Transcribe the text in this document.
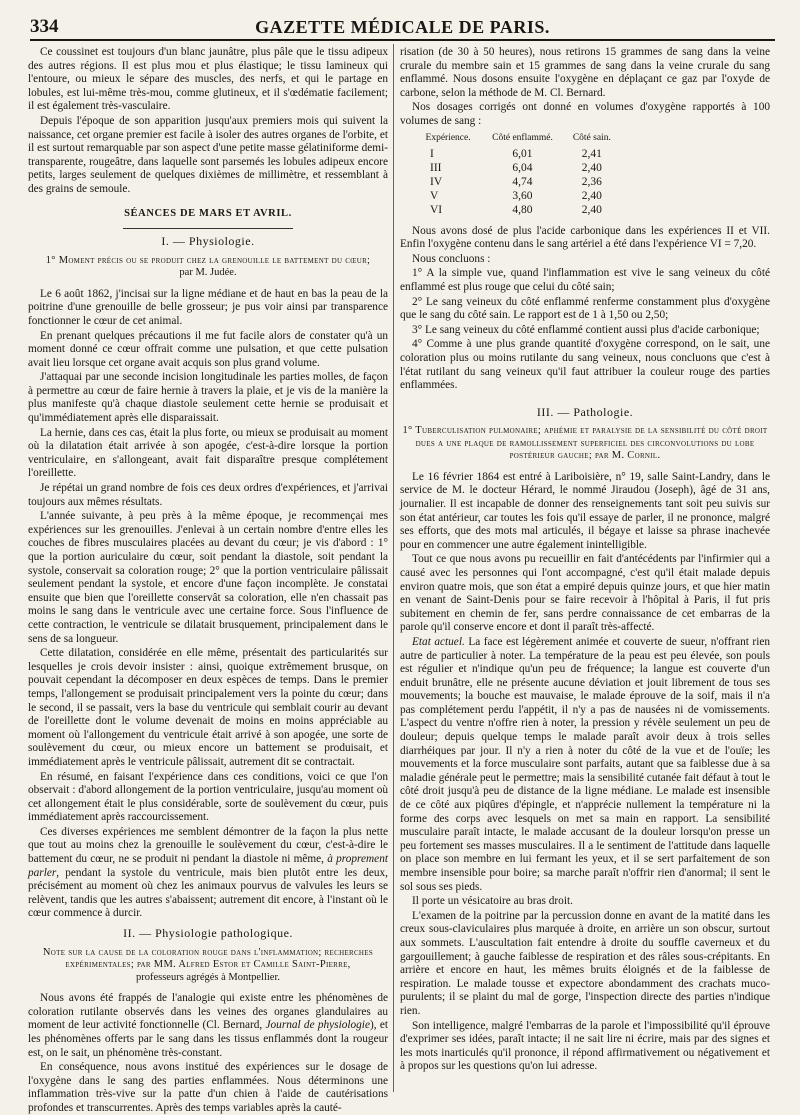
334	GAZETTE MÉDICALE DE PARIS.

Ce coussinet est toujours d'un blanc jaunâtre, plus pâle que le tissu adipeux des autres régions. Il est plus mou et plus élastique; le tissu lamineux qui l'entoure, ou mieux le sépare des muscles, des nerfs, et qui le partage en lobules, est lui-même très-mou, comme glutineux, et il s'œdématie facilement; il est également très-vasculaire.

Depuis l'époque de son apparition jusqu'aux premiers mois qui suivent la naissance, cet organe premier est facile à isoler des autres organes de l'orbite, et il est surtout remarquable par son aspect d'une petite masse gélatiniforme demi-transparente, rougeâtre, dans laquelle sont parsemés les lobules adipeux encore petits, larges seulement de quelques dixièmes de millimètre, et ressemblant à des grains de semoule.

SÉANCES DE MARS ET AVRIL.
I. — Physiologie.
1° Moment précis ou se produit chez la grenouille le battement du cœur;
par M. Judée.

Le 6 août 1862, j'incisai sur la ligne médiane et de haut en bas la peau de la poitrine d'une grenouille de belle grosseur; je pus voir ainsi par transparence fonctionner le cœur de cet animal.

En prenant quelques précautions il me fut facile alors de constater qu'à un moment donné ce cœur offrait comme une pulsation, et que cette pulsation avait lieu lorsque cet organe avait acquis son plus grand volume.

J'attaquai par une seconde incision longitudinale les parties molles, de façon à permettre au cœur de faire hernie à travers la plaie, et je vis de la manière la plus manifeste qu'à chaque diastole seulement cette hernie se produisait et qu'immédiatement après elle disparaissait.

La hernie, dans ces cas, était la plus forte, ou mieux se produisait au moment où la dilatation était arrivée à son apogée, c'est-à-dire lorsque la portion ventriculaire, en s'allongeant, avait fait disparaître presque complétement l'oreillette.

Je répétai un grand nombre de fois ces deux ordres d'expériences, et j'arrivai toujours aux mêmes résultats.

L'année suivante, à peu près à la même époque, je recommençai mes expériences sur les grenouilles. J'enlevai à un certain nombre d'entre elles les couches de fibres musculaires placées au devant du cœur; je vis d'abord : 1° que la portion auriculaire du cœur, soit pendant la diastole, soit pendant la systole, conservait sa coloration rouge; 2° que la portion ventriculaire pâlissait seulement pendant la systole, et encore d'une façon incomplète. Je constatai ensuite que bien que l'oreillette conservât sa coloration, elle n'en chassait pas moins le sang dans le ventricule avec une certaine force. Sous l'influence de cette contraction, le ventricule se dilatait brusquement, principalement dans le sens de sa longueur.

Cette dilatation, considérée en elle même, présentait des particularités sur lesquelles je crois devoir insister : ainsi, quoique extrêmement brusque, on pouvait cependant la décomposer en deux espèces de temps. Dans le premier temps, l'allongement se produisait principalement vers la pointe du cœur; dans le second, il se passait, vers la base du ventricule qui semblait courir au devant de l'oreillette dont le volume devenait de moins en moins appréciable au moment où l'allongement du ventricule était arrivé à son apogée, une sorte de soulèvement du cœur, ou mieux encore un battement se produisait, et immédiatement après le ventricule pâlissait, autrement dit se contractait.

En résumé, en faisant l'expérience dans ces conditions, voici ce que l'on observait : d'abord allongement de la portion ventriculaire, jusqu'au moment où cet allongement était le plus considérable, sorte de soulèvement du cœur, puis immédiatement après raccourcissement.

Ces diverses expériences me semblent démontrer de la façon la plus nette que tout au moins chez la grenouille le soulèvement du cœur, c'est-à-dire le battement du cœur, ne se produit ni pendant la diastole ni même, à proprement parler, pendant la systole du ventricule, mais bien plutôt entre les deux, précisément au moment où chez les animaux pourvus de valvules les leurs se relèvent, tandis que les autres s'abaissent; autrement dit encore, à l'instant où le cœur commence à durcir.

II. — Physiologie pathologique.
Note sur la cause de la coloration rouge dans l'inflammation; recherches expérimentales; par MM. Alfred Estor et Camille Saint-Pierre,
professeurs agrégés à Montpellier.

Nous avons été frappés de l'analogie qui existe entre les phénomènes de coloration rutilante observés dans les veines des organes glandulaires au moment de leur activité fonctionnelle (Cl. Bernard, Journal de physiologie), et les phénomènes offerts par le sang dans les tissus enflammés dont la rougeur est, on le sait, un phénomène très-constant.

En conséquence, nous avons institué des expériences sur le dosage de l'oxygène dans le sang des parties enflammées. Nous déterminons une inflammation très-vive sur la patte d'un chien à l'aide de cautérisations profondes et transcurrentes. Après des temps variables après la cauté-

risation (de 30 à 50 heures), nous retirons 15 grammes de sang dans la veine crurale du membre sain et 15 grammes de sang dans la veine crurale du sang enflammé. Nous dosons ensuite l'oxygène en déplaçant ce gaz par l'oxyde de carbone, selon la méthode de M. Cl. Bernard.

Nos dosages corrigés ont donné en volumes d'oxygène rapportés à 100 volumes de sang :

Expérience.	Côté enflammé.	Côté sain.
I	6,01	2,41
III	6,04	2,40
IV	4,74	2,36
V	3,60	2,40
VI	4,80	2,40

Nous avons dosé de plus l'acide carbonique dans les expériences II et VII. Enfin l'oxygène contenu dans le sang artériel a été dans l'expérience VI = 7,20.

Nous concluons :

1° A la simple vue, quand l'inflammation est vive le sang veineux du côté enflammé est plus rouge que celui du côté sain;

2° Le sang veineux du côté enflammé renferme constamment plus d'oxygène que le sang du côté sain. Le rapport est de 1 à 1,50 ou 2,50;

3° Le sang veineux du côté enflammé contient aussi plus d'acide carbonique;

4° Comme à une plus grande quantité d'oxygène correspond, on le sait, une coloration plus ou moins rutilante du sang veineux, nous concluons que c'est à l'état rutilant du sang veineux qu'il faut attribuer la couleur rouge des parties enflammées.

III. — Pathologie.
1° Tuberculisation pulmonaire; aphémie et paralysie de la sensibilité du côté droit dues a une plaque de ramollissement superficiel des circonvolutions du lobe postérieur gauche; par M. Cornil.

Le 16 février 1864 est entré à Lariboisière, n° 19, salle Saint-Landry, dans le service de M. le docteur Hérard, le nommé Jiraudou (Joseph), âgé de 31 ans, journalier. Il est incapable de donner des renseignements tant soit peu suivis sur son état antérieur, car toutes les fois qu'il essaye de parler, il ne prononce, malgré ses efforts, que des mots mal articulés, il bégaye et laisse sa phrase inachevée pour en commencer une autre également inintelligible.

Tout ce que nous avons pu recueillir en fait d'antécédents par l'infirmier qui a causé avec les personnes qui l'ont accompagné, c'est qu'il était malade depuis environ quatre mois, que son état a empiré depuis quinze jours, et que hier matin en venant de Saint-Denis pour se faire recevoir à l'hôpital à Paris, il fut pris subitement en chemin de fer, sans perdre connaissance de cet embarras de la parole qu'il conserve encore et dont il paraît très-affecté.

Etat actuel. La face est légèrement animée et couverte de sueur, n'offrant rien autre de particulier à noter. La température de la peau est peu élevée, son pouls est régulier et n'indique qu'un peu de fréquence; la langue est couverte d'un enduit brunâtre, elle ne présente aucune déviation et jouit librement de tous ses mouvements; la bouche est mauvaise, le malade éprouve de la soif, mais il n'a pas complétement perdu l'appétit, il n'y a pas de nausées ni de vomissements. L'aspect du ventre n'offre rien à noter, la pression y révèle seulement un peu de douleur; depuis quelque temps le malade paraît avoir deux à trois selles diarrhéiques par jour. Il n'y a rien à noter du côté de la vue et de l'ouïe; les mouvements et la force musculaire sont parfaits, autant que sa faiblesse due à sa maladie générale peut le permettre; mais la sensibilité cutanée fait défaut à tout le côté droit jusqu'à peu de distance de la ligne médiane. Le malade est insensible de ce côté aux piqûres d'épingle, et n'apprécie nullement la température ni la forme des corps avec lesquels on met sa main en rapport. La sensibilité musculaire paraît intacte, le malade accusant de la douleur lorsqu'on presse un peu fortement ses masses musculaires. Il a le sentiment de l'attitude dans laquelle on place son membre en lui fermant les yeux, et il se sert parfaitement de son membre insensible pour boire; sa marche paraît n'offrir rien d'anormal; il sent le sol sous ses pieds.

Il porte un vésicatoire au bras droit.

L'examen de la poitrine par la percussion donne en avant de la matité dans les creux sous-claviculaires plus marquée à droite, en arrière un son obscur, surtout aux sommets. L'auscultation fait entendre à droite du souffle caverneux et du gargouillement; à gauche faiblesse de respiration et des râles sous-crépitants. En arrière et encore en haut, les mêmes bruits éloignés et de la faiblesse de respiration. Le malade tousse et expectore abondamment des crachats muco-purulents; il se plaint du mal de gorge, l'inspection directe des parties n'indique rien.

Son intelligence, malgré l'embarras de la parole et l'impossibilité qu'il éprouve d'exprimer ses idées, paraît intacte; il ne sait lire ni écrire, mais par des signes et les mots inarticulés qu'il prononce, il répond affirmativement ou négativement et à propos sur les questions qu'on lui adresse.
